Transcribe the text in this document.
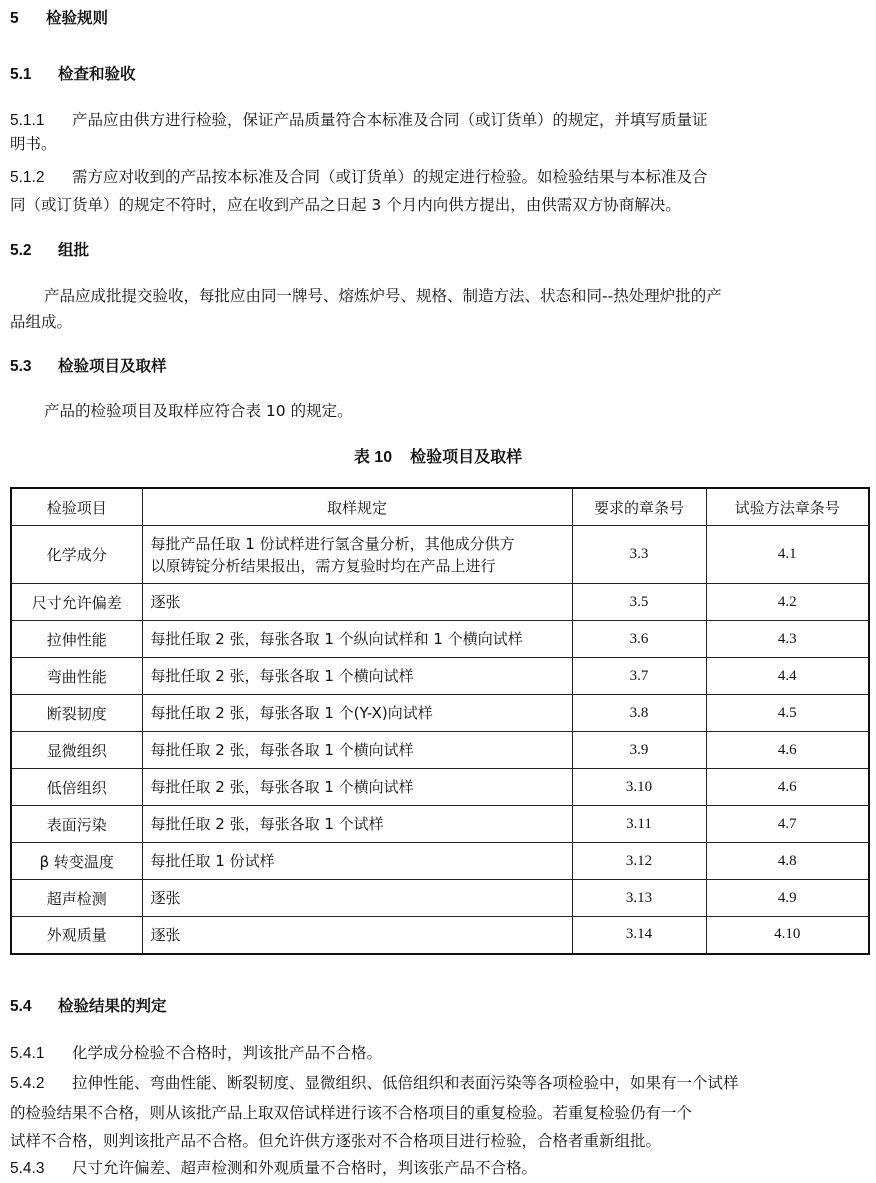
5 检验规则
5.1 检查和验收
5.1.1 产品应由供方进行检验，保证产品质量符合本标准及合同（或订货单）的规定，并填写质量证
明书。
5.1.2 需方应对收到的产品按本标准及合同（或订货单）的规定进行检验。如检验结果与本标准及合
同（或订货单）的规定不符时，应在收到产品之日起 3 个月内向供方提出，由供需双方协商解决。
5.2 组批
产品应成批提交验收，每批应由同一牌号、熔炼炉号、规格、制造方法、状态和同--热处理炉批的产
品组成。
5.3 检验项目及取样
产品的检验项目及取样应符合表 10 的规定。
表 10 检验项目及取样
检验项目	取样规定	要求的章条号	试验方法章条号
化学成分	每批产品任取 1 份试样进行氢含量分析，其他成分供方
以原铸锭分析结果报出，需方复验时均在产品上进行	3.3	4.1
尺寸允许偏差	逐张	3.5	4.2
拉伸性能	每批任取 2 张，每张各取 1 个纵向试样和 1 个横向试样	3.6	4.3
弯曲性能	每批任取 2 张，每张各取 1 个横向试样	3.7	4.4
断裂韧度	每批任取 2 张，每张各取 1 个(Y-X)向试样	3.8	4.5
显微组织	每批任取 2 张，每张各取 1 个横向试样	3.9	4.6
低倍组织	每批任取 2 张，每张各取 1 个横向试样	3.10	4.6
表面污染	每批任取 2 张，每张各取 1 个试样	3.11	4.7
β 转变温度	每批任取 1 份试样	3.12	4.8
超声检测	逐张	3.13	4.9
外观质量	逐张	3.14	4.10
5.4 检验结果的判定
5.4.1 化学成分检验不合格时，判该批产品不合格。
5.4.2 拉伸性能、弯曲性能、断裂韧度、显微组织、低倍组织和表面污染等各项检验中，如果有一个试样
的检验结果不合格，则从该批产品上取双倍试样进行该不合格项目的重复检验。若重复检验仍有一个
试样不合格，则判该批产品不合格。但允许供方逐张对不合格项目进行检验，合格者重新组批。
5.4.3 尺寸允许偏差、超声检测和外观质量不合格时，判该张产品不合格。
